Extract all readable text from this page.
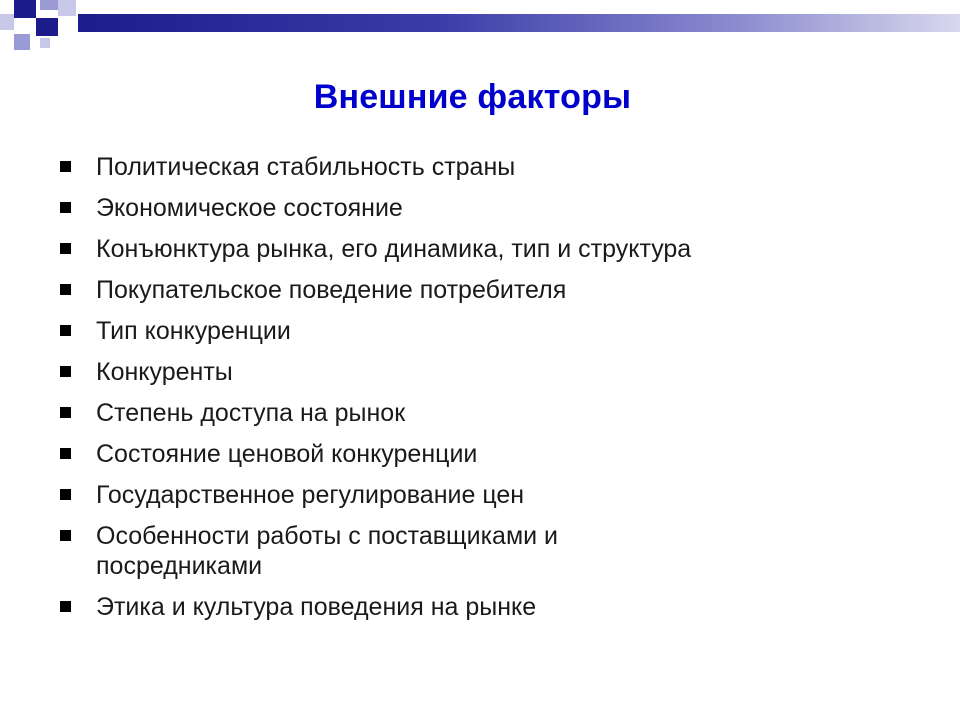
Внешние факторы
Политическая стабильность страны
Экономическое состояние
Конъюнктура рынка, его динамика, тип и структура
Покупательское поведение потребителя
Тип конкуренции
Конкуренты
Степень доступа на рынок
Состояние ценовой конкуренции
Государственное регулирование цен
Особенности работы с поставщиками и посредниками
Этика и культура поведения на рынке
